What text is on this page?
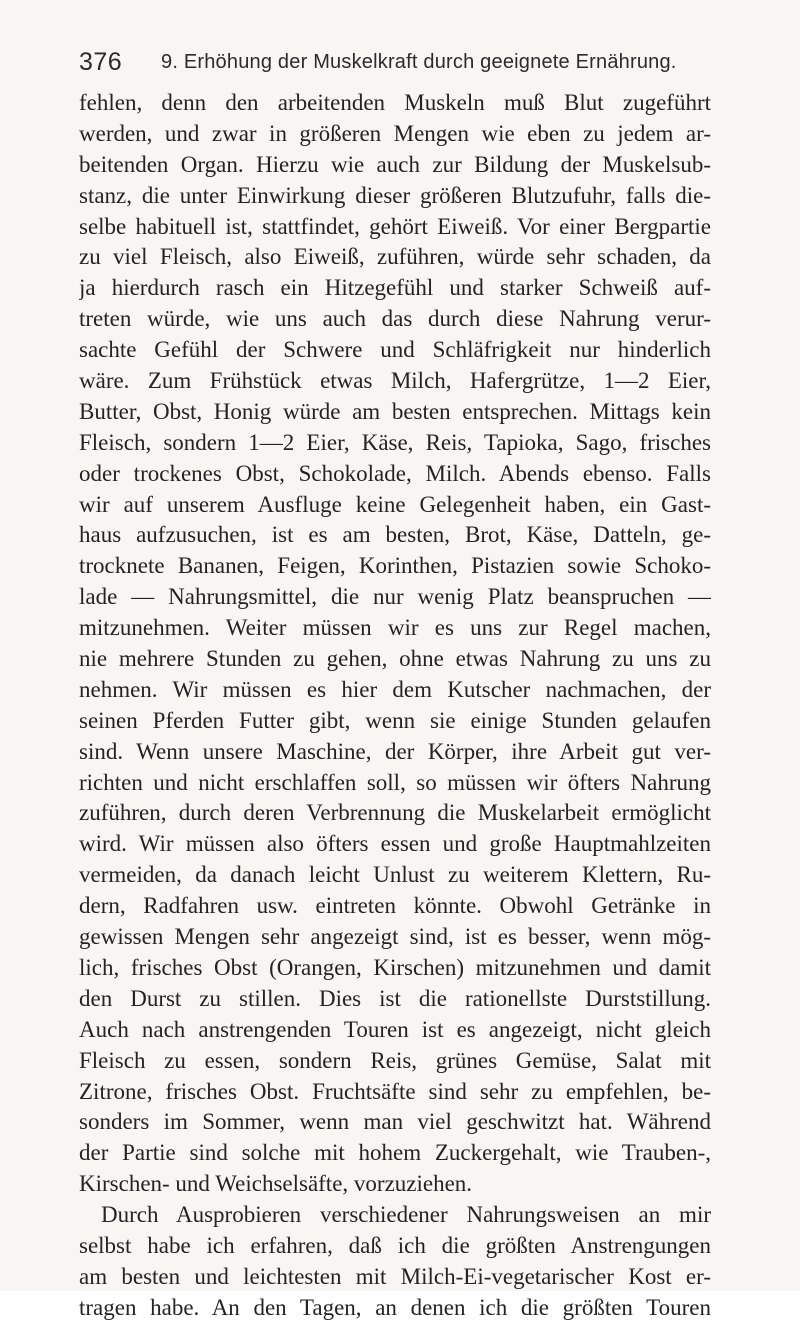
376 9. Erhöhung der Muskelkraft durch geeignete Ernährung.
fehlen, denn den arbeitenden Muskeln muß Blut zugeführt
werden, und zwar in größeren Mengen wie eben zu jedem ar-
beitenden Organ. Hierzu wie auch zur Bildung der Muskelsub-
stanz, die unter Einwirkung dieser größeren Blutzufuhr, falls die-
selbe habituell ist, stattfindet, gehört Eiweiß. Vor einer Bergpartie
zu viel Fleisch, also Eiweiß, zuführen, würde sehr schaden, da
ja hierdurch rasch ein Hitzegefühl und starker Schweiß auf-
treten würde, wie uns auch das durch diese Nahrung verur-
sachte Gefühl der Schwere und Schläfrigkeit nur hinderlich
wäre. Zum Frühstück etwas Milch, Hafergrütze, 1—2 Eier,
Butter, Obst, Honig würde am besten entsprechen. Mittags kein
Fleisch, sondern 1—2 Eier, Käse, Reis, Tapioka, Sago, frisches
oder trockenes Obst, Schokolade, Milch. Abends ebenso. Falls
wir auf unserem Ausfluge keine Gelegenheit haben, ein Gast-
haus aufzusuchen, ist es am besten, Brot, Käse, Datteln, ge-
trocknete Bananen, Feigen, Korinthen, Pistazien sowie Schoko-
lade — Nahrungsmittel, die nur wenig Platz beanspruchen —
mitzunehmen. Weiter müssen wir es uns zur Regel machen,
nie mehrere Stunden zu gehen, ohne etwas Nahrung zu uns zu
nehmen. Wir müssen es hier dem Kutscher nachmachen, der
seinen Pferden Futter gibt, wenn sie einige Stunden gelaufen
sind. Wenn unsere Maschine, der Körper, ihre Arbeit gut ver-
richten und nicht erschlaffen soll, so müssen wir öfters Nahrung
zuführen, durch deren Verbrennung die Muskelarbeit ermöglicht
wird. Wir müssen also öfters essen und große Hauptmahlzeiten
vermeiden, da danach leicht Unlust zu weiterem Klettern, Ru-
dern, Radfahren usw. eintreten könnte. Obwohl Getränke in
gewissen Mengen sehr angezeigt sind, ist es besser, wenn mög-
lich, frisches Obst (Orangen, Kirschen) mitzunehmen und damit
den Durst zu stillen. Dies ist die rationellste Durststillung.
Auch nach anstrengenden Touren ist es angezeigt, nicht gleich
Fleisch zu essen, sondern Reis, grünes Gemüse, Salat mit
Zitrone, frisches Obst. Fruchtsäfte sind sehr zu empfehlen, be-
sonders im Sommer, wenn man viel geschwitzt hat. Während
der Partie sind solche mit hohem Zuckergehalt, wie Trauben-,
Kirschen- und Weichselsäfte, vorzuziehen.
Durch Ausprobieren verschiedener Nahrungsweisen an mir
selbst habe ich erfahren, daß ich die größten Anstrengungen
am besten und leichtesten mit Milch-Ei-vegetarischer Kost er-
tragen habe. An den Tagen, an denen ich die größten Touren
